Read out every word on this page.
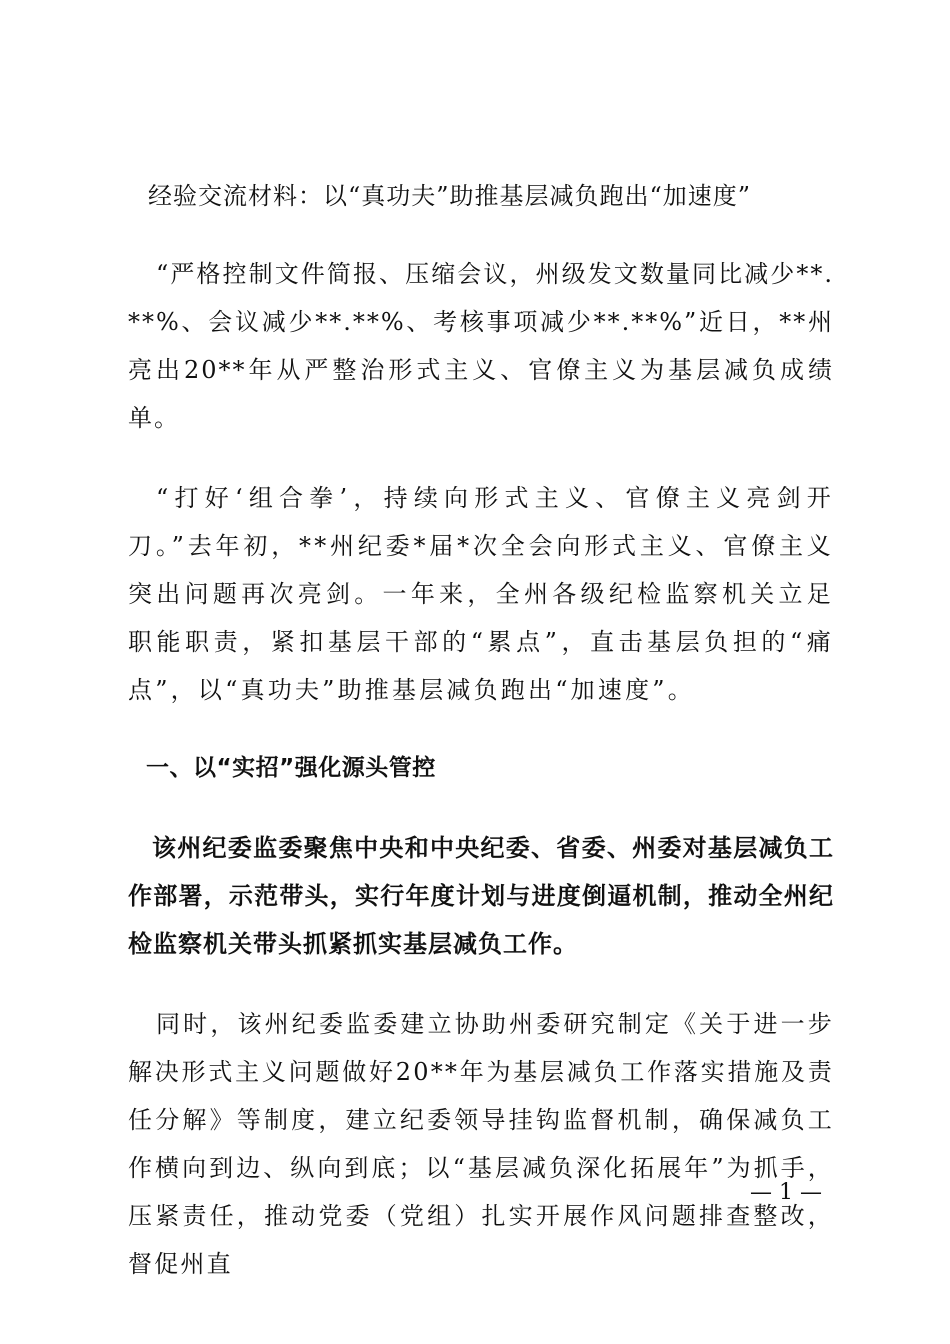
经验交流材料：以“真功夫”助推基层减负跑出“加速度”

“严格控制文件简报、压缩会议，州级发文数量同比减少**.**%、会议减少**.**%、考核事项减少**.**%”近日，**州亮出20**年从严整治形式主义、官僚主义为基层减负成绩单。

“打好‘组合拳’，持续向形式主义、官僚主义亮剑开刀。”去年初，**州纪委*届*次全会向形式主义、官僚主义突出问题再次亮剑。一年来，全州各级纪检监察机关立足职能职责，紧扣基层干部的“累点”，直击基层负担的“痛点”，以“真功夫”助推基层减负跑出“加速度”。

一、以“实招”强化源头管控

该州纪委监委聚焦中央和中央纪委、省委、州委对基层减负工作部署，示范带头，实行年度计划与进度倒逼机制，推动全州纪检监察机关带头抓紧抓实基层减负工作。

同时，该州纪委监委建立协助州委研究制定《关于进一步解决形式主义问题做好20**年为基层减负工作落实措施及责任分解》等制度，建立纪委领导挂钩监督机制，确保减负工作横向到边、纵向到底；以“基层减负深化拓展年”为抓手，压紧责任，推动党委（党组）扎实开展作风问题排查整改，督促州直

— 1 —
